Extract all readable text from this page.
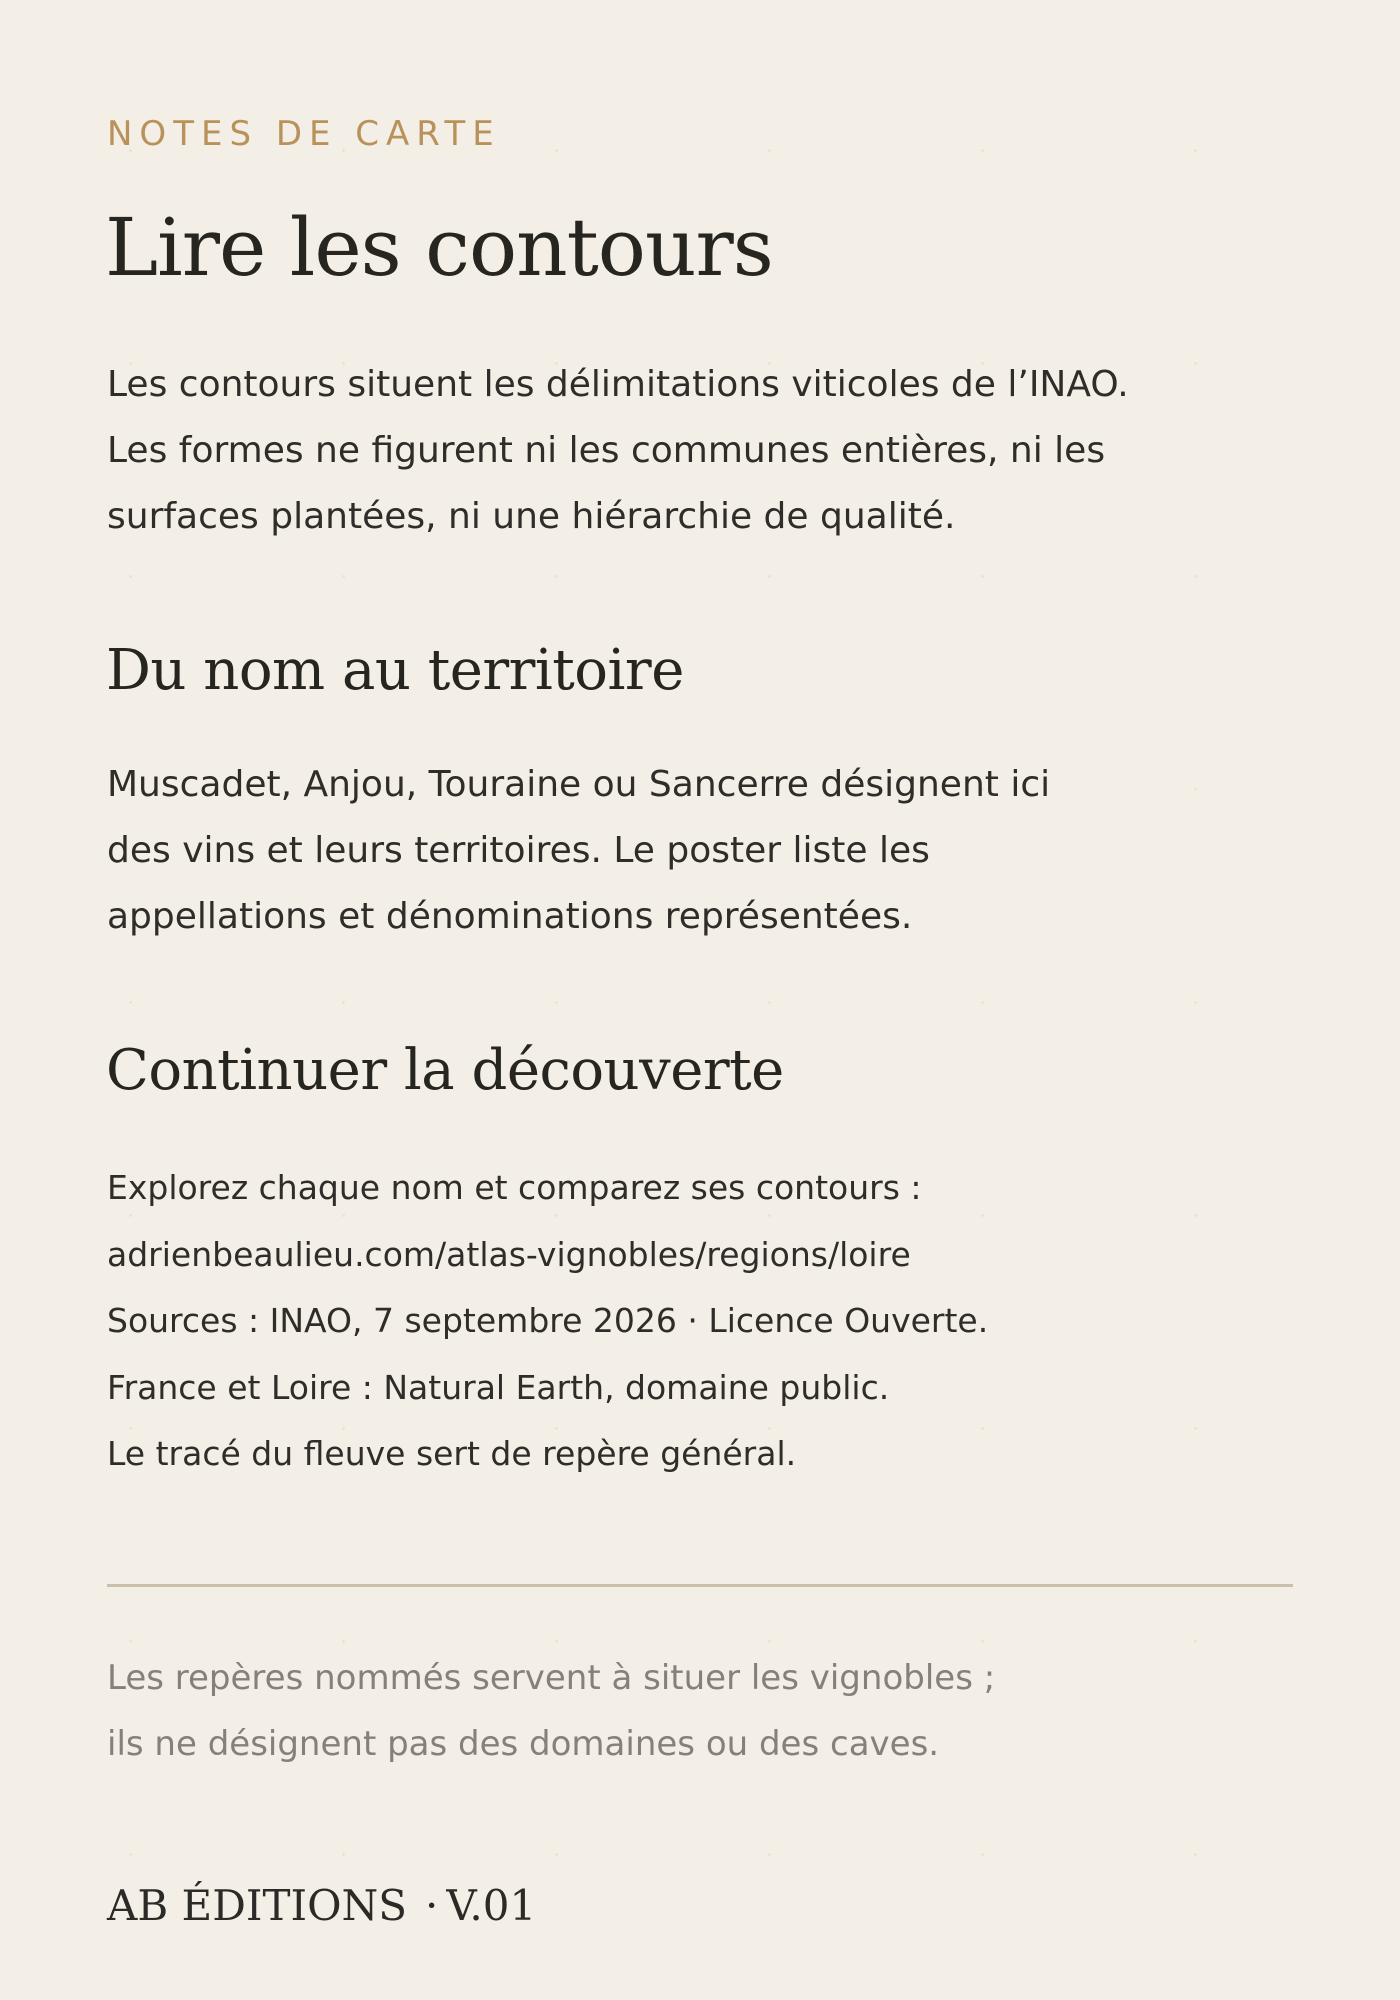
NOTES DE CARTE

Lire les contours
Les contours situent les délimitations viticoles de l’INAO.
Les formes ne figurent ni les communes entières, ni les
surfaces plantées, ni une hiérarchie de qualité.
Du nom au territoire
Muscadet, Anjou, Touraine ou Sancerre désignent ici
des vins et leurs territoires. Le poster liste les
appellations et dénominations représentées.
Continuer la découverte
Explorez chaque nom et comparez ses contours :
adrienbeaulieu.com/atlas-vignobles/regions/loire
Sources : INAO, 7 septembre 2026 · Licence Ouverte.
France et Loire : Natural Earth, domaine public.
Le tracé du fleuve sert de repère général.
Les repères nommés servent à situer les vignobles ;
ils ne désignent pas des domaines ou des caves.

AB ÉDITIONS · V.01
